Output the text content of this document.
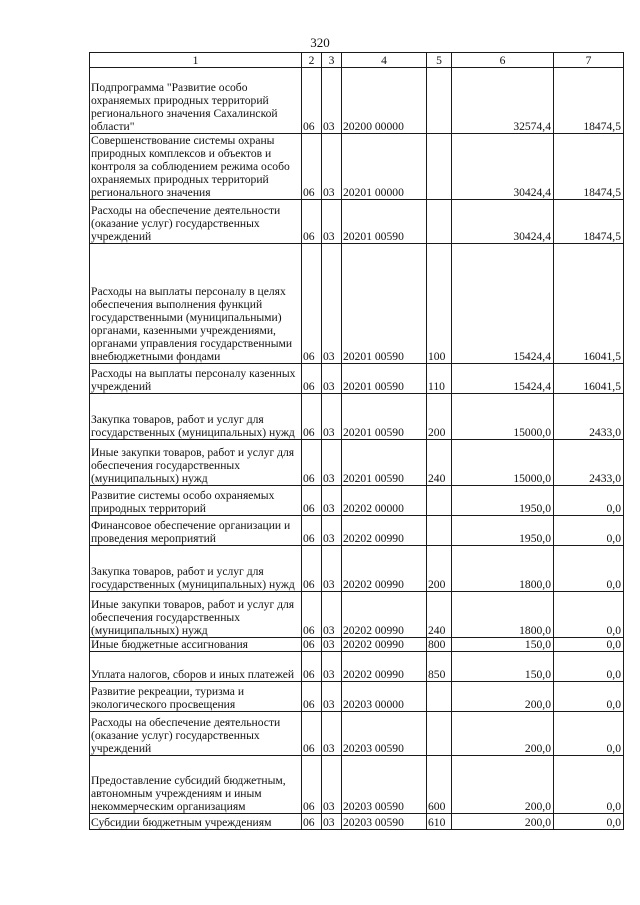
320
1	2	3	4	5	6	7
Подпрограмма "Развитие особо охраняемых природных территорий регионального значения Сахалинской области"	06	03	20200 00000		32574,4	18474,5
Совершенствование системы охраны природных комплексов и объектов и контроля за соблюдением режима особо охраняемых природных территорий регионального значения	06	03	20201 00000		30424,4	18474,5
Расходы на обеспечение деятельности (оказание услуг) государственных учреждений	06	03	20201 00590		30424,4	18474,5
Расходы на выплаты персоналу в целях обеспечения выполнения функций государственными (муниципальными) органами, казенными учреждениями, органами управления государственными внебюджетными фондами	06	03	20201 00590	100	15424,4	16041,5
Расходы на выплаты персоналу казенных учреждений	06	03	20201 00590	110	15424,4	16041,5
Закупка товаров, работ и услуг для государственных (муниципальных) нужд	06	03	20201 00590	200	15000,0	2433,0
Иные закупки товаров, работ и услуг для обеспечения государственных (муниципальных) нужд	06	03	20201 00590	240	15000,0	2433,0
Развитие системы особо охраняемых природных территорий	06	03	20202 00000		1950,0	0,0
Финансовое обеспечение организации и проведения мероприятий	06	03	20202 00990		1950,0	0,0
Закупка товаров, работ и услуг для государственных (муниципальных) нужд	06	03	20202 00990	200	1800,0	0,0
Иные закупки товаров, работ и услуг для обеспечения государственных (муниципальных) нужд	06	03	20202 00990	240	1800,0	0,0
Иные бюджетные ассигнования	06	03	20202 00990	800	150,0	0,0
Уплата налогов, сборов и иных платежей	06	03	20202 00990	850	150,0	0,0
Развитие рекреации, туризма и экологического просвещения	06	03	20203 00000		200,0	0,0
Расходы на обеспечение деятельности (оказание услуг) государственных учреждений	06	03	20203 00590		200,0	0,0
Предоставление субсидий бюджетным, автономным учреждениям и иным некоммерческим организациям	06	03	20203 00590	600	200,0	0,0
Субсидии бюджетным учреждениям	06	03	20203 00590	610	200,0	0,0
